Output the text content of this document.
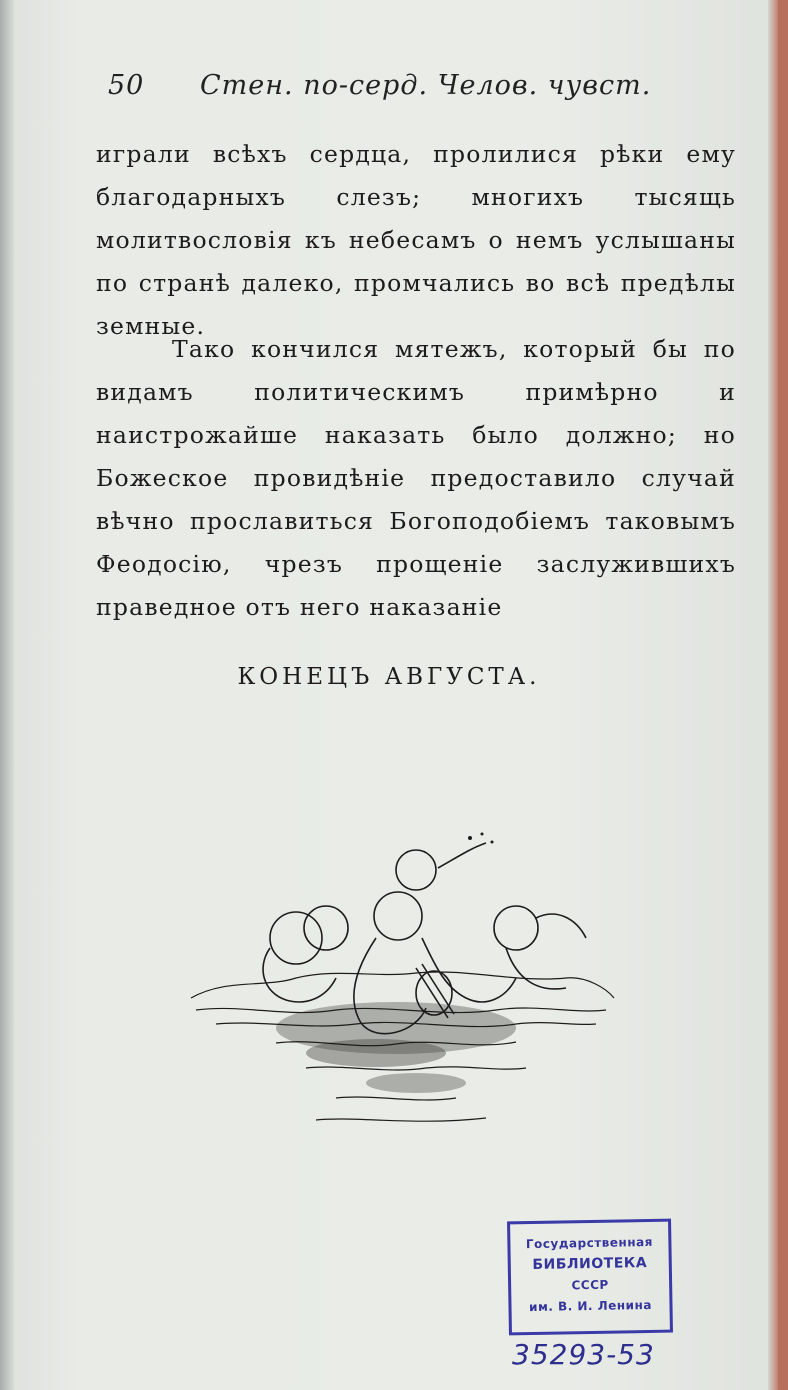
50 Стен. по-серд. Челов. чувст.
играли всѣхъ сердца, пролилися рѣки ему благодарныхъ слезъ; многихъ тысящь молитвословія къ небесамъ о немъ услышаны по странѣ далеко, промчались во всѣ предѣлы земные.
Тако кончился мятежъ, который бы по видамъ политическимъ примѣрно и наистрожайше наказать было должно; но Божеское провидѣніе предоставило случай вѣчно прославиться Богоподобіемъ таковымъ Феодосію, чрезъ прощеніе заслужившихъ праведное отъ него наказаніе
КОНЕЦЪ АВГУСТА.
Государственная
БИБЛИОТЕКА
СССР
им. В. И. Ленина
35293-53
